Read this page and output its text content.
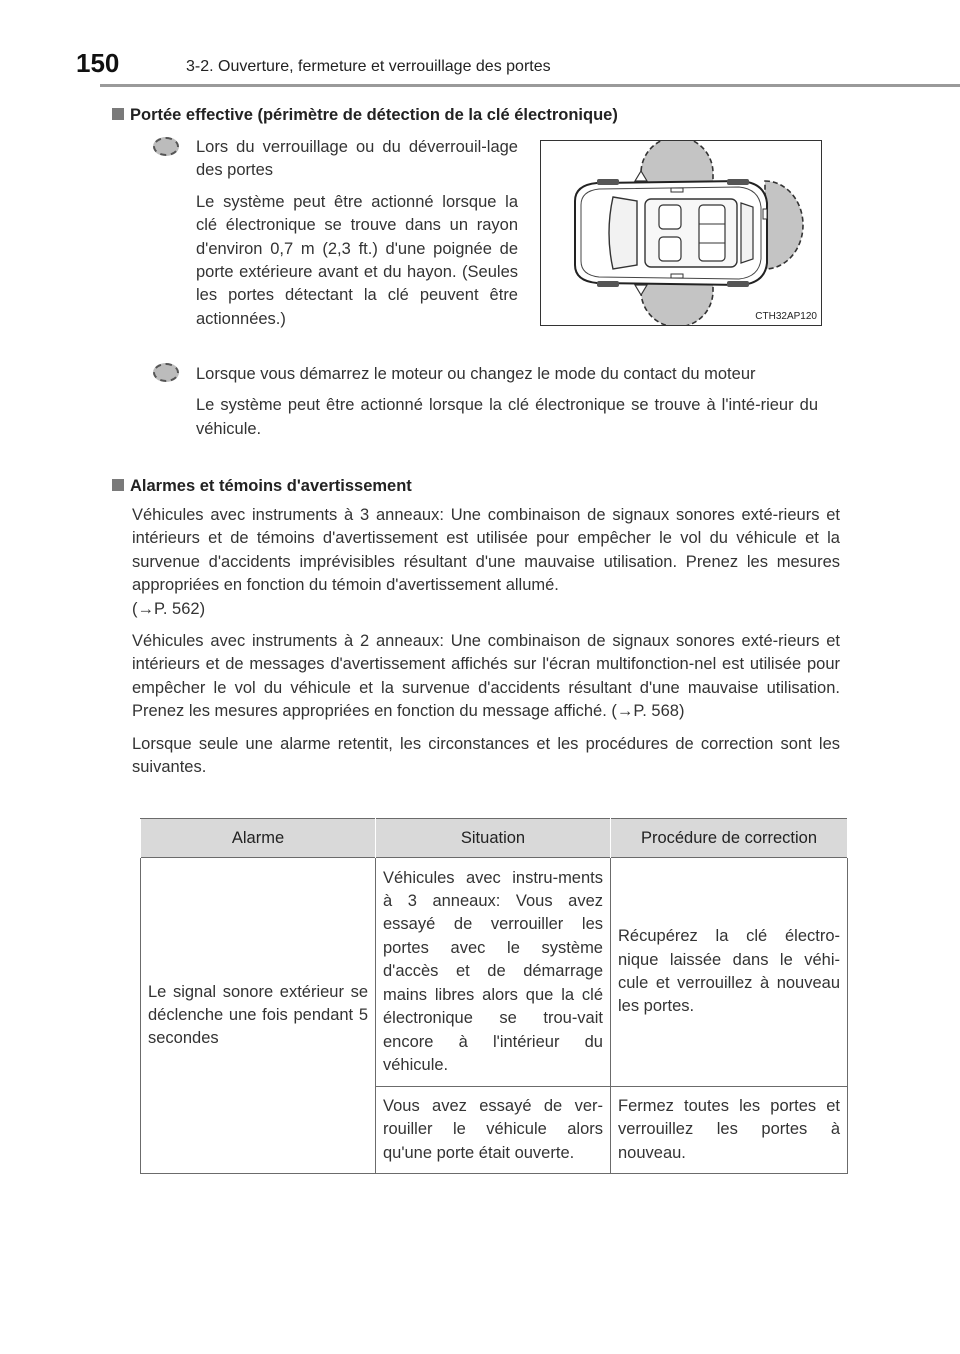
150	3-2. Ouverture, fermeture et verrouillage des portes
Portée effective (périmètre de détection de la clé électronique)

Lors du verrouillage ou du déverrouil-lage des portes

Le système peut être actionné lorsque la clé électronique se trouve dans un rayon d'environ 0,7 m (2,3 ft.) d'une poignée de porte extérieure avant et du hayon. (Seules les portes détectant la clé peuvent être actionnées.)	CTH32AP120

Lorsque vous démarrez le moteur ou changez le mode du contact du moteur

Le système peut être actionné lorsque la clé électronique se trouve à l'inté-rieur du véhicule.

Alarmes et témoins d'avertissement

Véhicules avec instruments à 3 anneaux: Une combinaison de signaux sonores exté-rieurs et intérieurs et de témoins d'avertissement est utilisée pour empêcher le vol du véhicule et la survenue d'accidents imprévisibles résultant d'une mauvaise utilisation. Prenez les mesures appropriées en fonction du témoin d'avertissement allumé.

(→P. 562)

Véhicules avec instruments à 2 anneaux: Une combinaison de signaux sonores exté-rieurs et intérieurs et de messages d'avertissement affichés sur l'écran multifonction-nel est utilisée pour empêcher le vol du véhicule et la survenue d'accidents résultant d'une mauvaise utilisation. Prenez les mesures appropriées en fonction du message affiché. (→P. 568)

Lorsque seule une alarme retentit, les circonstances et les procédures de correction sont les suivantes.

Alarme	Situation	Procédure de correction
Le signal sonore extérieur se déclenche une fois pendant 5 secondes	Véhicules avec instru-ments à 3 anneaux: Vous avez essayé de verrouiller les portes avec le système d'accès et de démarrage mains libres alors que la clé électronique se trou-vait encore à l'intérieur du véhicule.	Récupérez la clé électro-nique laissée dans le véhi-cule et verrouillez à nouveau les portes.
	Vous avez essayé de ver-rouiller le véhicule alors qu'une porte était ouverte.	Fermez toutes les portes et verrouillez les portes à nouveau.
